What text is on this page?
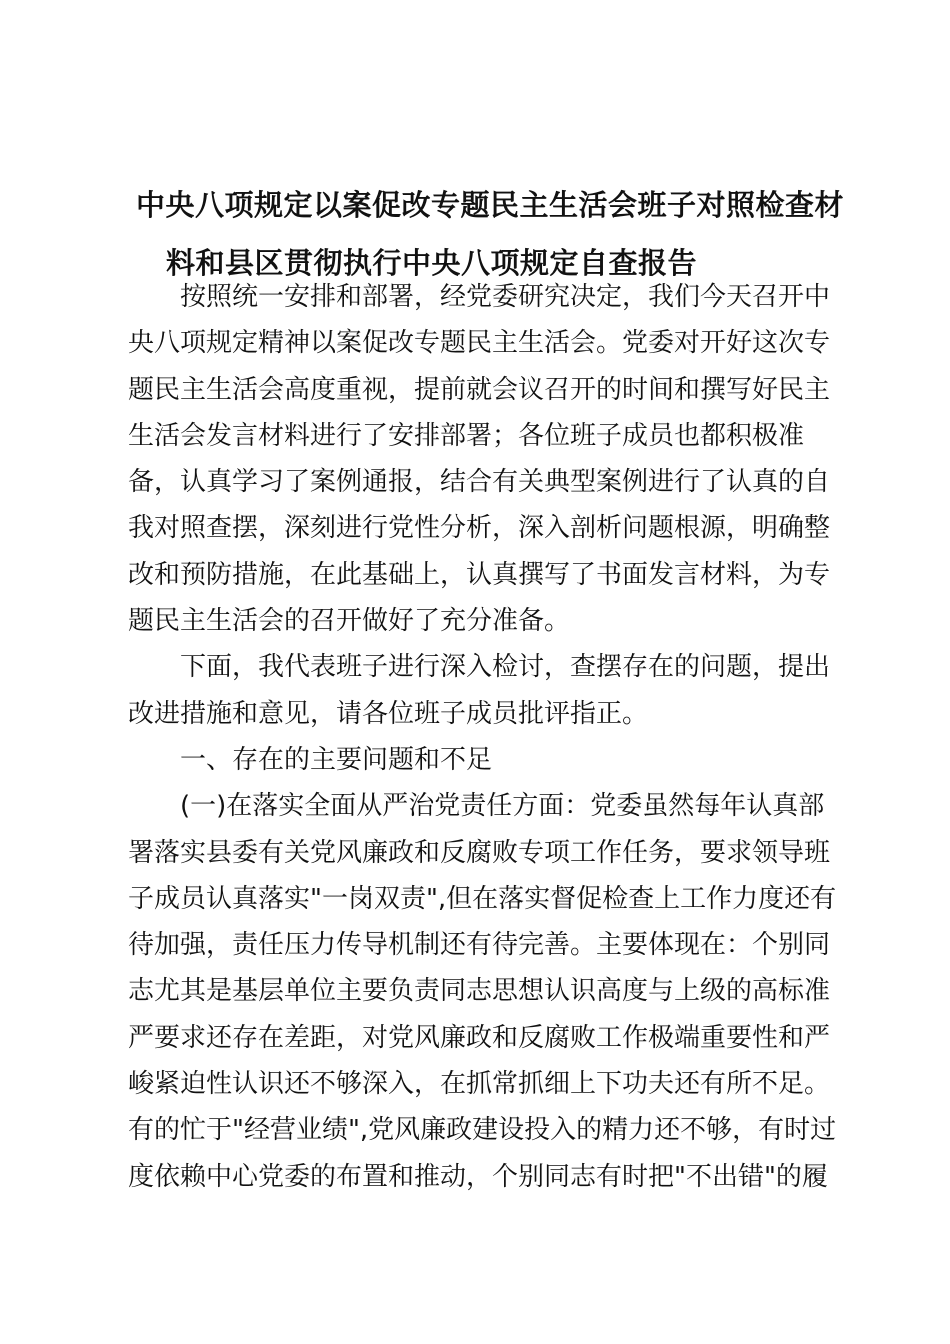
中央八项规定以案促改专题民主生活会班子对照检查材
料和县区贯彻执行中央八项规定自查报告
按照统一安排和部署，经党委研究决定，我们今天召开中
央八项规定精神以案促改专题民主生活会。党委对开好这次专
题民主生活会高度重视，提前就会议召开的时间和撰写好民主
生活会发言材料进行了安排部署；各位班子成员也都积极准
备，认真学习了案例通报，结合有关典型案例进行了认真的自
我对照查摆，深刻进行党性分析，深入剖析问题根源，明确整
改和预防措施，在此基础上，认真撰写了书面发言材料，为专
题民主生活会的召开做好了充分准备。
下面，我代表班子进行深入检讨，查摆存在的问题，提出
改进措施和意见，请各位班子成员批评指正。
一、存在的主要问题和不足
(一)在落实全面从严治党责任方面：党委虽然每年认真部
署落实县委有关党风廉政和反腐败专项工作任务，要求领导班
子成员认真落实"一岗双责",但在落实督促检查上工作力度还有
待加强，责任压力传导机制还有待完善。主要体现在：个别同
志尤其是基层单位主要负责同志思想认识高度与上级的高标准
严要求还存在差距，对党风廉政和反腐败工作极端重要性和严
峻紧迫性认识还不够深入，在抓常抓细上下功夫还有所不足。
有的忙于"经营业绩",党风廉政建设投入的精力还不够，有时过
度依赖中心党委的布置和推动，个别同志有时把"不出错"的履
